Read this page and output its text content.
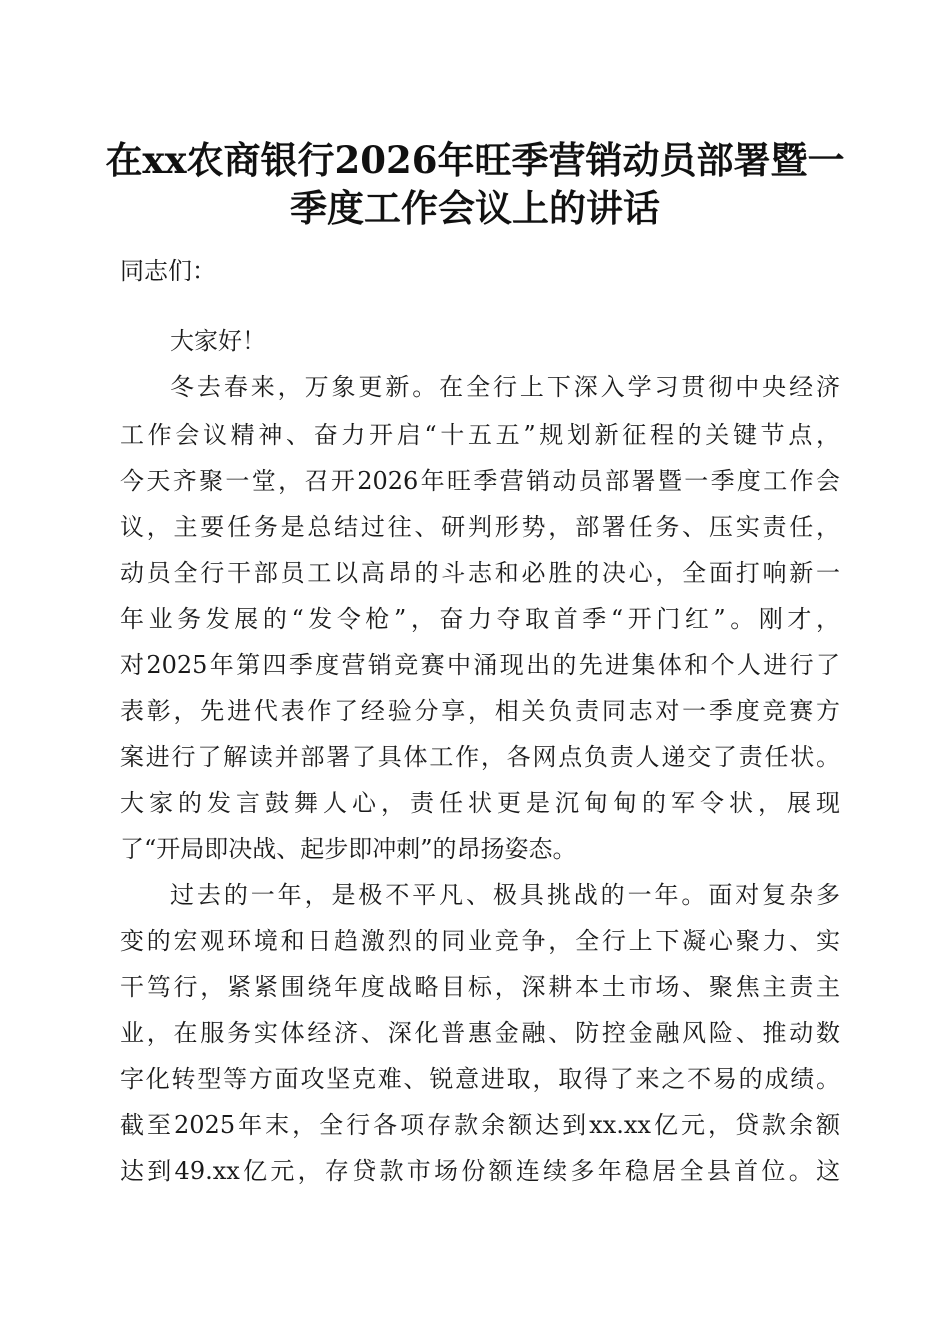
在xx农商银行2026年旺季营销动员部署暨一
季度工作会议上的讲话

同志们：

大家好！

冬去春来，万象更新。在全行上下深入学习贯彻中央经济

工作会议精神、奋力开启“十五五”规划新征程的关键节点，

今天齐聚一堂，召开2026年旺季营销动员部署暨一季度工作会

议，主要任务是总结过往、研判形势，部署任务、压实责任，

动员全行干部员工以高昂的斗志和必胜的决心，全面打响新一

年业务发展的“发令枪”，奋力夺取首季“开门红”。刚才，

对2025年第四季度营销竞赛中涌现出的先进集体和个人进行了

表彰，先进代表作了经验分享，相关负责同志对一季度竞赛方

案进行了解读并部署了具体工作，各网点负责人递交了责任状。

大家的发言鼓舞人心，责任状更是沉甸甸的军令状，展现

了“开局即决战、起步即冲刺”的昂扬姿态。

过去的一年，是极不平凡、极具挑战的一年。面对复杂多

变的宏观环境和日趋激烈的同业竞争，全行上下凝心聚力、实

干笃行，紧紧围绕年度战略目标，深耕本土市场、聚焦主责主

业，在服务实体经济、深化普惠金融、防控金融风险、推动数

字化转型等方面攻坚克难、锐意进取，取得了来之不易的成绩。

截至2025年末，全行各项存款余额达到xx.xx亿元，贷款余额

达到49.xx亿元，存贷款市场份额连续多年稳居全县首位。这
